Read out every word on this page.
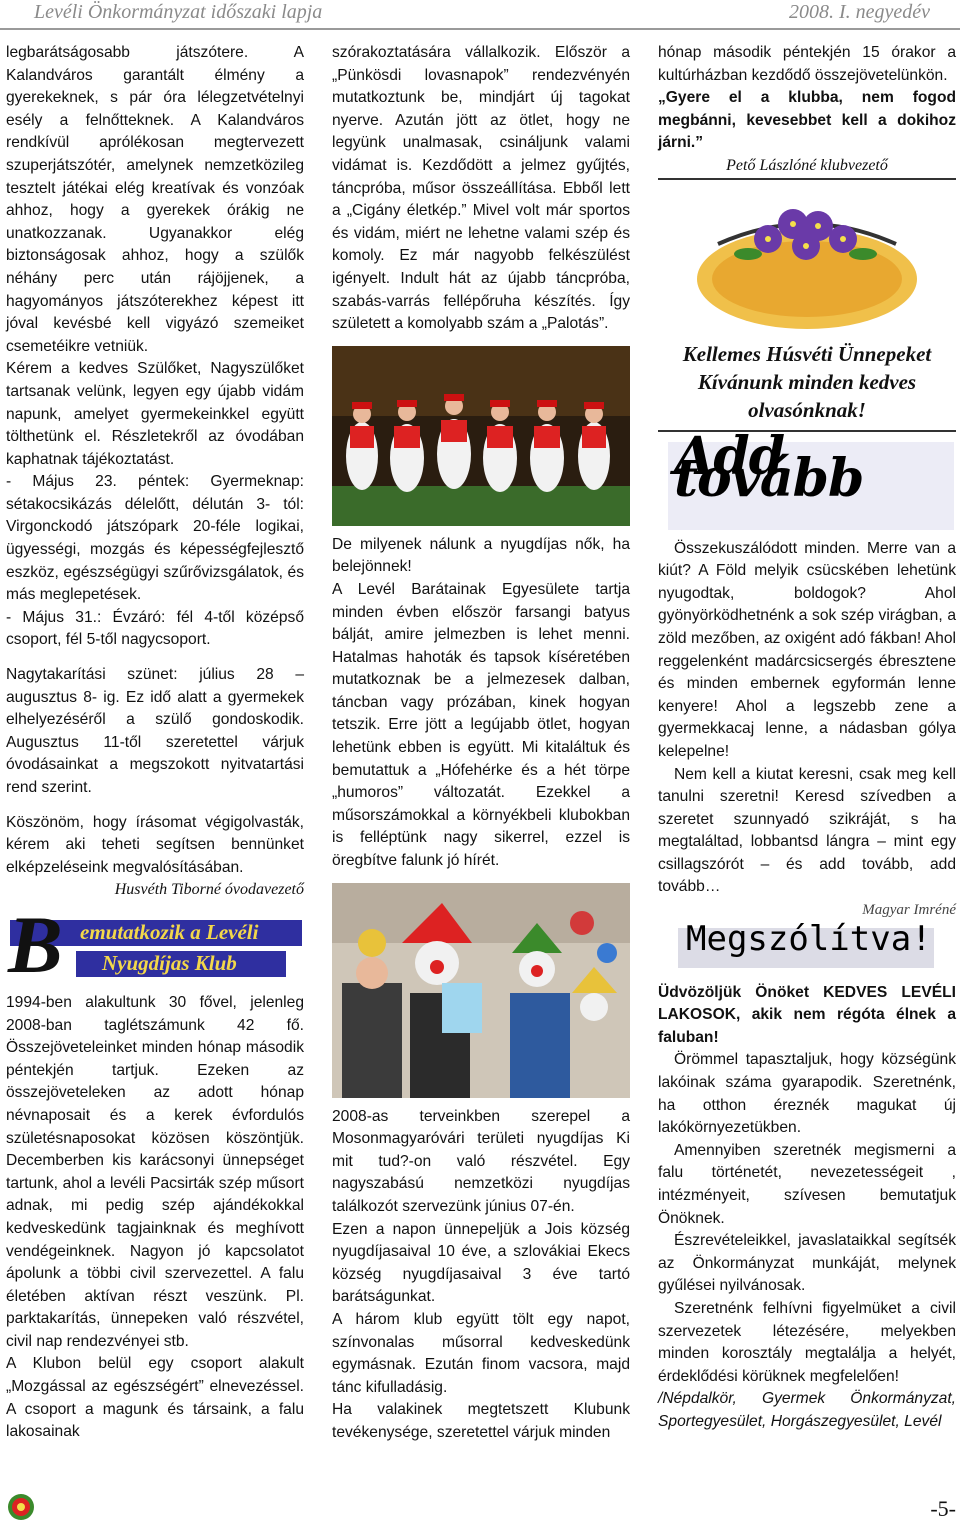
Levéli Önkormányzat időszaki lapja	2008. I. negyedév

legbarátságosabb játszótere. A Kalandváros garantált élmény a gyerekeknek, s pár óra lélegzetvételnyi esély a felnőtteknek. A Kalandváros rendkívül aprólékosan megtervezett szuperjátszótér, amelynek nemzetközileg tesztelt játékai elég kreatívak és vonzóak ahhoz, hogy a gyerekek órákig ne unatkozzanak. Ugyanakkor elég biztonságosak ahhoz, hogy a szülők néhány perc után rájöjjenek, a hagyományos játszóterekhez képest itt jóval kevésbé kell vigyázó szemeiket csemetéikre vetniük.

Kérem a kedves Szülőket, Nagyszülőket tartsanak velünk, legyen egy újabb vidám napunk, amelyet gyermekeinkkel együtt tölthetünk el. Részletekről az óvodában kaphatnak tájékoztatást.

- Május 23. péntek: Gyermeknap: sétakocsikázás délelőtt, délután 3- tól: Virgonckodó játszópark 20-féle logikai, ügyességi, mozgás és képességfejlesztő eszköz, egészségügyi szűrővizsgálatok, és más meglepetések.

- Május 31.: Évzáró: fél 4-től középső csoport, fél 5-től nagycsoport.

Nagytakarítási szünet: július 28 – augusztus 8- ig. Ez idő alatt a gyermekek elhelyezéséről a szülő gondoskodik. Augusztus 11-től szeretettel várjuk óvodásainkat a megszokott nyitvatartási rend szerint.

Köszönöm, hogy írásomat végigolvasták, kérem aki teheti segítsen bennünket elképzeléseink megvalósításában.

Husvéth Tiborné óvodavezető

B emutatkozik a Levéli
Nyugdíjas Klub

1994-ben alakultunk 30 fővel, jelenleg 2008-ban taglétszámunk 42 fő. Összejöveteleinket minden hónap második péntekjén tartjuk. Ezeken az összejöveteleken az adott hónap névnaposait és a kerek évfordulós születésnaposokat közösen köszöntjük. Decemberben kis karácsonyi ünnepséget tartunk, ahol a levéli Pacsirták szép műsort adnak, mi pedig szép ajándékokkal kedveskedünk tagjainknak és meghívott vendégeinknek. Nagyon jó kapcsolatot ápolunk a többi civil szervezettel. A falu életében aktívan részt veszünk. Pl. parktakarítás, ünnepeken való részvétel, civil nap rendezvényei stb.

A Klubon belül egy csoport alakult „Mozgással az egészségért” elnevezéssel. A csoport a magunk és társaink, a falu lakosainak

szórakoztatására vállalkozik. Először a „Pünkösdi lovasnapok” rendezvényén mutatkoztunk be, mindjárt új tagokat nyerve. Azután jött az ötlet, hogy ne legyünk unalmasak, csináljunk valami vidámat is. Kezdődött a jelmez gyűjtés, táncpróba, műsor összeállítása. Ebből lett a „Cigány életkép.” Mivel volt már sportos és vidám, miért ne lehetne valami szép és komoly. Ez már nagyobb felkészülést igényelt. Indult hát az újabb táncpróba, szabás-varrás fellépőruha készítés. Így született a komolyabb szám a „Palotás”.

De milyenek nálunk a nyugdíjas nők, ha belejönnek!

A Levél Barátainak Egyesülete tartja minden évben először farsangi batyus bálját, amire jelmezben is lehet menni. Hatalmas hahoták és tapsok kíséretében mutatkoznak be a jelmezesek dalban, táncban vagy prózában, kinek hogyan tetszik. Erre jött a legújabb ötlet, hogyan lehetünk ebben is együtt. Mi kitaláltuk és bemutattuk a „Hófehérke és a hét törpe „humoros” változatát. Ezekkel a műsorszámokkal a környékbeli klubokban is felléptünk nagy sikerrel, ezzel is öregbítve falunk jó hírét.

2008-as terveinkben szerepel a Mosonmagyaróvári területi nyugdíjas Ki mit tud?-on való részvétel. Egy nagyszabású nemzetközi nyugdíjas találkozót szervezünk június 07-én.

Ezen a napon ünnepeljük a Jois község nyugdíjasaival 10 éve, a szlovákiai Ekecs község nyugdíjasaival 3 éve tartó barátságunkat.

A három klub együtt tölt egy napot, színvonalas műsorral kedveskedünk egymásnak. Ezután finom vacsora, majd tánc kifulladásig.

Ha valakinek megtetszett Klubunk tevékenysége, szeretettel várjuk minden

hónap második péntekjén 15 órakor a kultúrházban kezdődő összejövetelünkön.

„Gyere el a klubba, nem fogod megbánni, kevesebbet kell a dokihoz járni.”

Pető Lászlóné klubvezető

Kellemes Húsvéti Ünnepeket Kívánunk minden kedves olvasónknak!
Add tovább

Összekuszálódott minden. Merre van a kiút? A Föld melyik csücskében lehetünk nyugodtak, boldogok? Ahol gyönyörködhetnénk a sok szép virágban, a zöld mezőben, az oxigént adó fákban! Ahol reggelenként madárcsicsergés ébresztene és minden embernek egyformán lenne kenyere! Ahol a legszebb zene a gyermekkacaj lenne, a nádasban gólya kelepelne!

Nem kell a kiutat keresni, csak meg kell tanulni szeretni! Keresd szívedben a szeretet szunnyadó szikráját, s ha megtaláltad, lobbantsd lángra – mint egy csillagszórót – és add tovább, add tovább…

Magyar Imréné

Megszólítva!

Üdvözöljük Önöket KEDVES LEVÉLI LAKOSOK, akik nem régóta élnek a faluban!

Örömmel tapasztaljuk, hogy községünk lakóinak száma gyarapodik. Szeretnénk, ha otthon éreznék magukat új lakókörnyezetükben.

Amennyiben szeretnék megismerni a falu történetét, nevezetességeit , intézményeit, szívesen bemutatjuk Önöknek.

Észrevételeikkel, javaslataikkal segítsék az Önkormányzat munkáját, melynek gyűlései nyilvánosak.

Szeretnénk felhívni figyelmüket a civil szervezetek létezésére, melyekben minden korosztály megtalálja a helyét, érdeklődési körüknek megfelelően!

/Népdalkör, Gyermek Önkormányzat, Sportegyesület, Horgászegyesület, Levél

-5-
